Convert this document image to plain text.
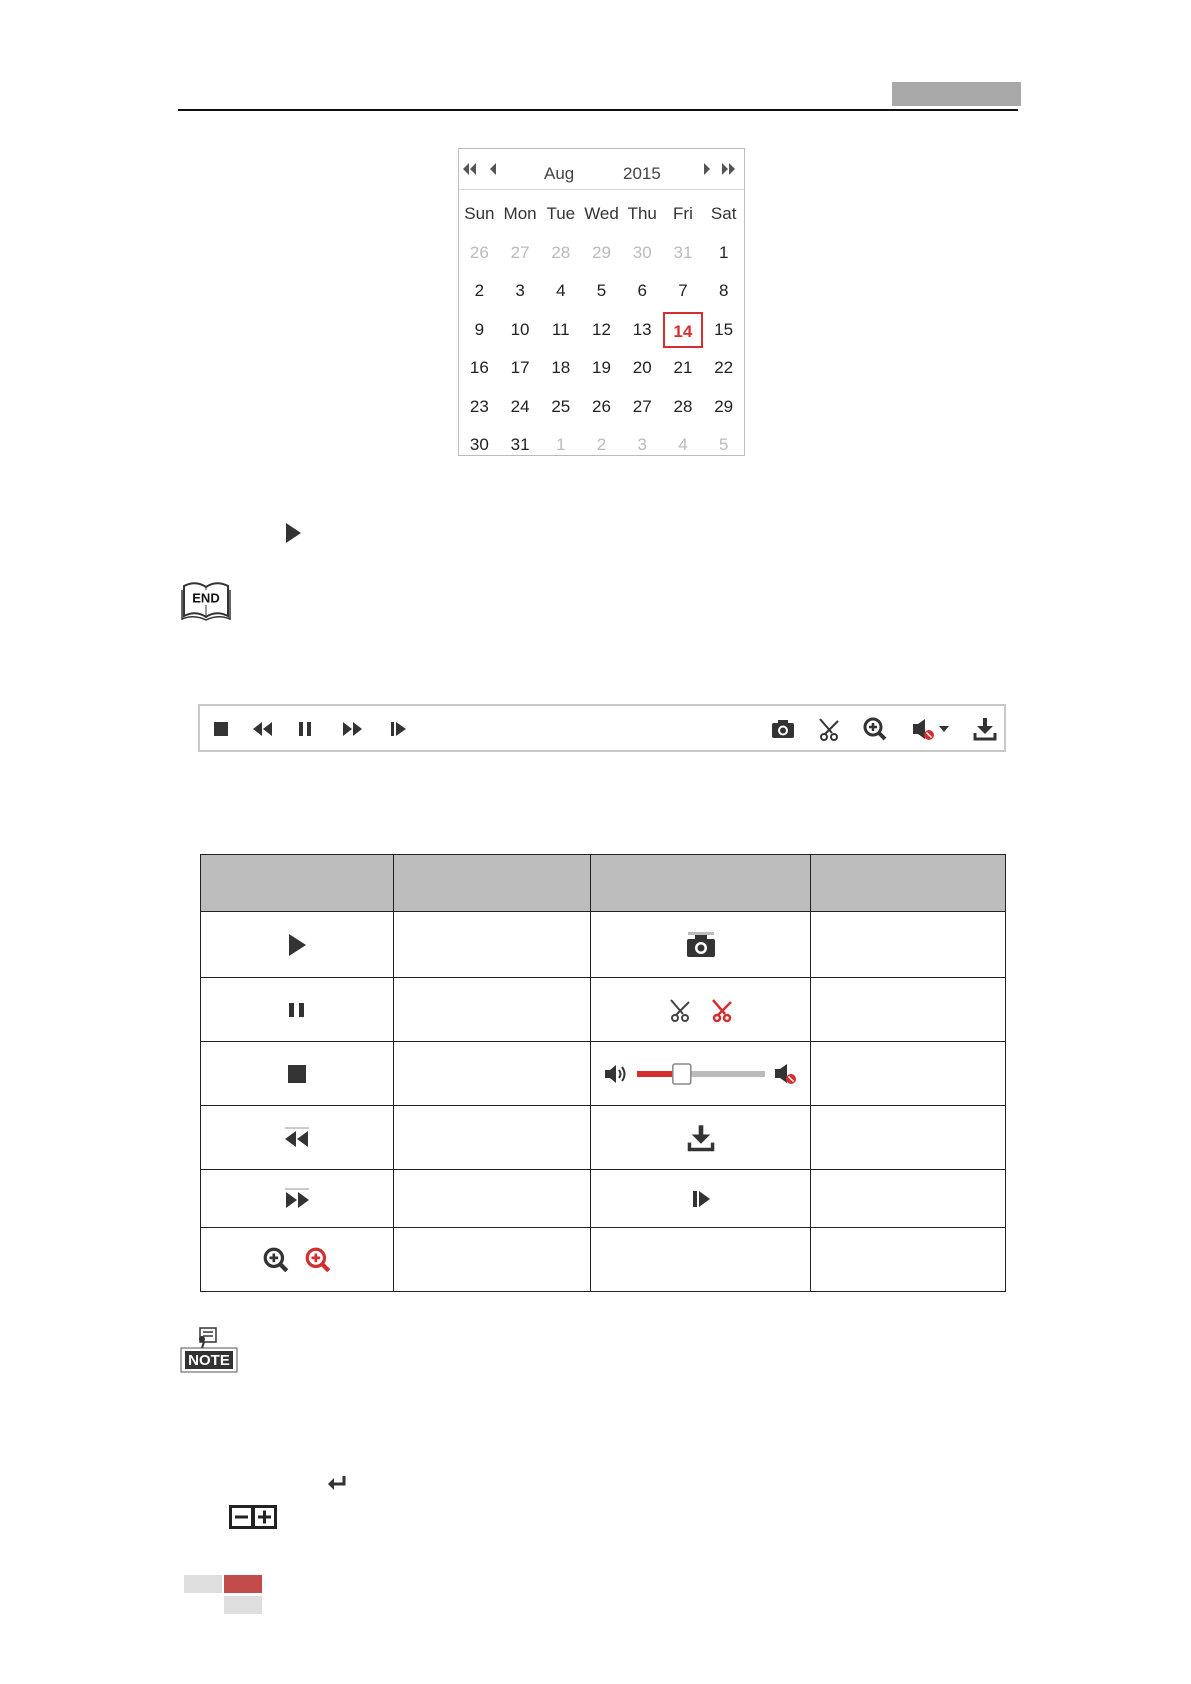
Aug	2015
Sun Mon Tue Wed Thu Fri	Sat
26	27	28	29	30	31	1
2	3	4	5	6	7	8
9	10	11	12	13	14	15
16	17	18	19	20	21	22
23	24	25	26	27	28	29
30	31	1	2	3	4	5
END

NOTE
